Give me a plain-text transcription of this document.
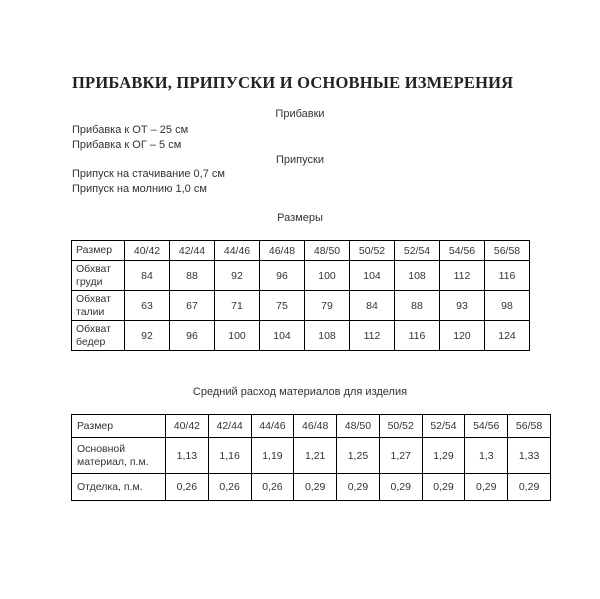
ПРИБАВКИ, ПРИПУСКИ И ОСНОВНЫЕ ИЗМЕРЕНИЯ
Прибавки
Прибавка к ОТ – 25 см
Прибавка к ОГ – 5 см
Припуски
Припуск на стачивание 0,7 см
Припуск на молнию 1,0 см
Размеры
Размер	40/42	42/44	44/46	46/48	48/50	50/52	52/54	54/56	56/58
Обхват
груди	84	88	92	96	100	104	108	112	116
Обхват
талии	63	67	71	75	79	84	88	93	98
Обхват
бедер	92	96	100	104	108	112	116	120	124
Средний расход материалов для изделия
Размер	40/42	42/44	44/46	46/48	48/50	50/52	52/54	54/56	56/58
Основной
материал, п.м.	1,13	1,16	1,19	1,21	1,25	1,27	1,29	1,3	1,33
Отделка, п.м.	0,26	0,26	0,26	0,29	0,29	0,29	0,29	0,29	0,29
